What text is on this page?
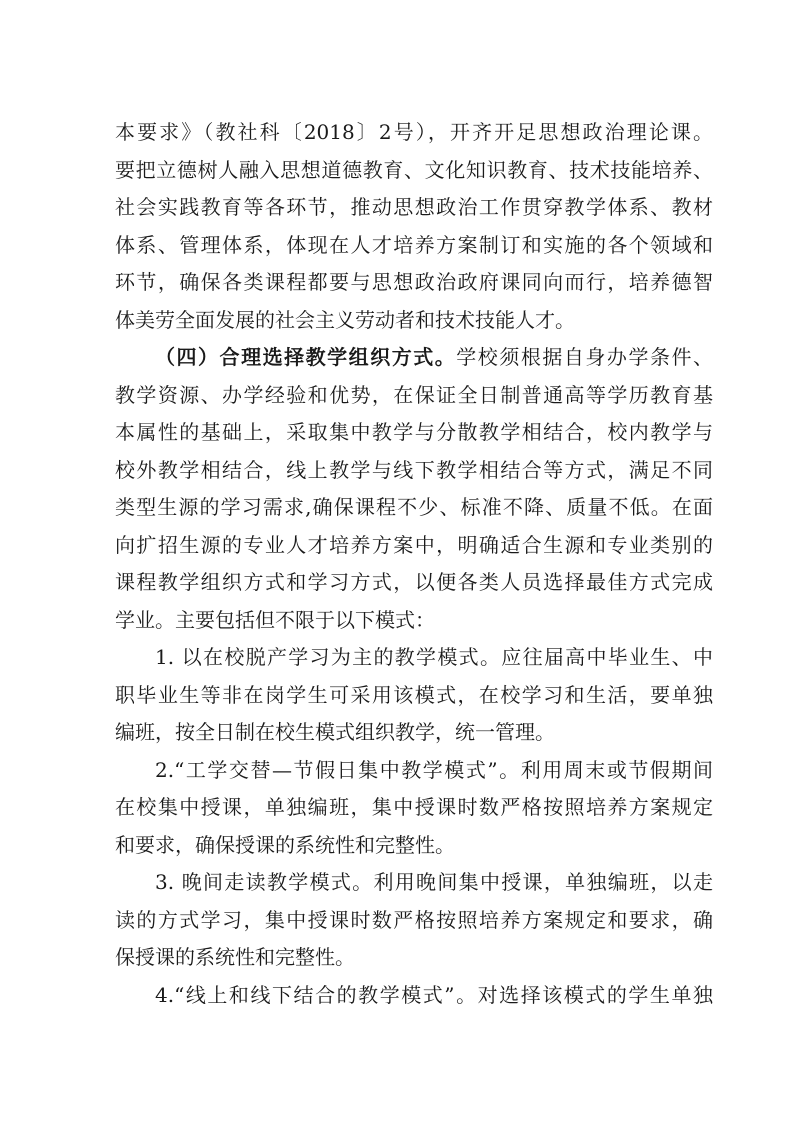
本要求》（教社科〔2018〕2号），开齐开足思想政治理论课。
要把立德树人融入思想道德教育、文化知识教育、技术技能培养、
社会实践教育等各环节，推动思想政治工作贯穿教学体系、教材
体系、管理体系，体现在人才培养方案制订和实施的各个领域和
环节，确保各类课程都要与思想政治政府课同向而行，培养德智
体美劳全面发展的社会主义劳动者和技术技能人才。
（四）合理选择教学组织方式。学校须根据自身办学条件、
教学资源、办学经验和优势，在保证全日制普通高等学历教育基
本属性的基础上，采取集中教学与分散教学相结合，校内教学与
校外教学相结合，线上教学与线下教学相结合等方式，满足不同
类型生源的学习需求,确保课程不少、标准不降、质量不低。在面
向扩招生源的专业人才培养方案中，明确适合生源和专业类别的
课程教学组织方式和学习方式，以便各类人员选择最佳方式完成
学业。主要包括但不限于以下模式：
1. 以在校脱产学习为主的教学模式。应往届高中毕业生、中
职毕业生等非在岗学生可采用该模式，在校学习和生活，要单独
编班，按全日制在校生模式组织教学，统一管理。
2.“工学交替—节假日集中教学模式”。利用周末或节假期间
在校集中授课，单独编班，集中授课时数严格按照培养方案规定
和要求，确保授课的系统性和完整性。
3. 晚间走读教学模式。利用晚间集中授课，单独编班，以走
读的方式学习，集中授课时数严格按照培养方案规定和要求，确
保授课的系统性和完整性。
4.“线上和线下结合的教学模式”。对选择该模式的学生单独
